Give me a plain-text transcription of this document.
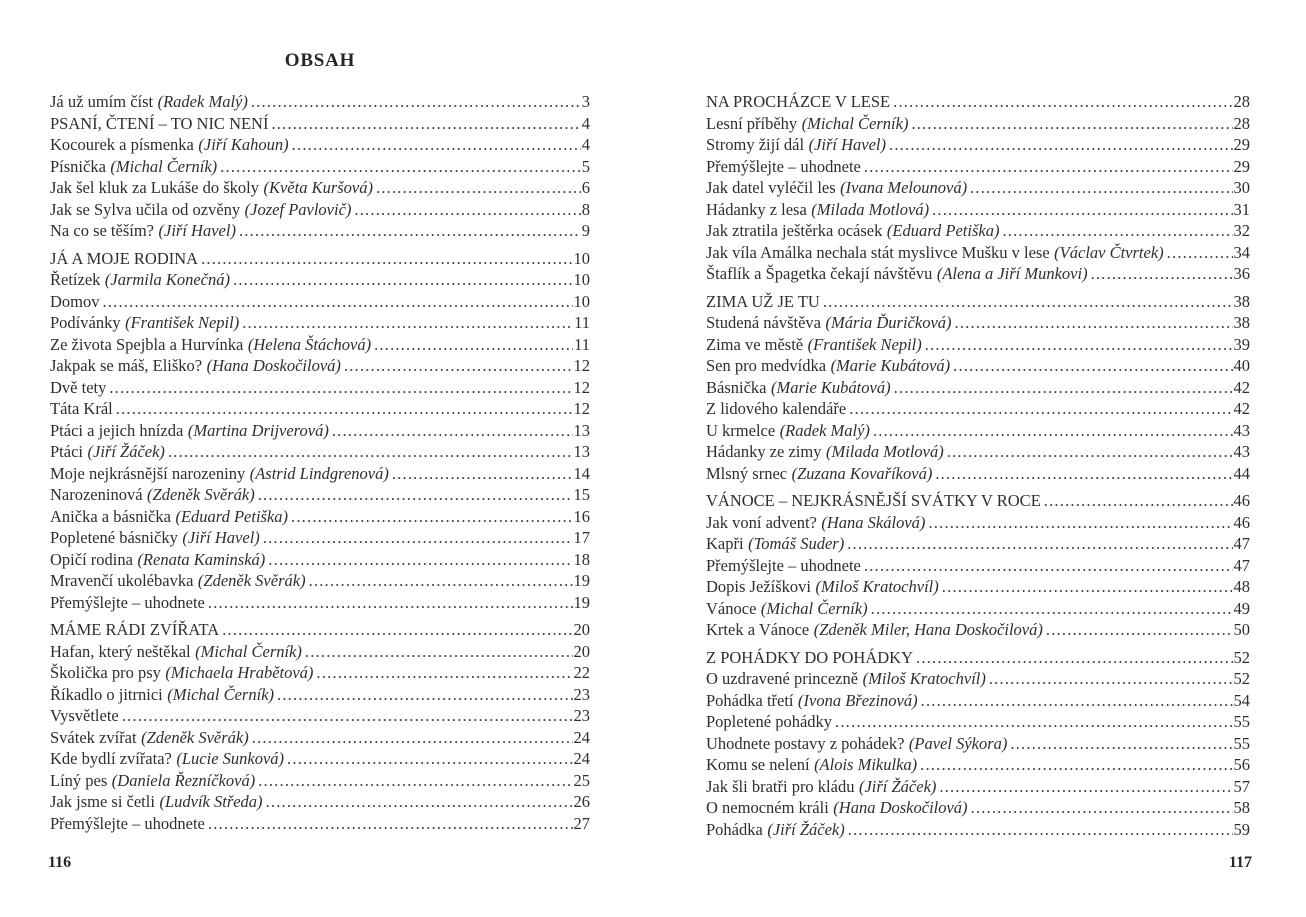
OBSAH
Já už umím číst (Radek Malý) .....	3
PSANÍ, ČTENÍ – TO NIC NENÍ .....	4
Kocourek a písmenka (Jiří Kahoun) .....	4
Písnička (Michal Černík) .....	5
Jak šel kluk za Lukáše do školy (Květa Kuršová) .....	6
Jak se Sylva učila od ozvěny (Jozef Pavlovič) .....	8
Na co se těším? (Jiří Havel) .....	9
JÁ A MOJE RODINA .....	10
Řetízek (Jarmila Konečná) .....	10
Domov .....	10
Podívánky (František Nepil) .....	11
Ze života Spejbla a Hurvínka (Helena Štáchová) .....	11
Jakpak se máš, Eliško? (Hana Doskočilová) .....	12
Dvě tety .....	12
Táta Král .....	12
Ptáci a jejich hnízda (Martina Drijverová) .....	13
Ptáci (Jiří Žáček) .....	13
Moje nejkrásnější narozeniny (Astrid Lindgrenová) .....	14
Narozeninová (Zdeněk Svěrák) .....	15
Anička a básnička (Eduard Petiška) .....	16
Popletené básničky (Jiří Havel) .....	17
Opičí rodina (Renata Kaminská) .....	18
Mravenčí ukolébavka (Zdeněk Svěrák) .....	19
Přemýšlejte – uhodnete .....	19
MÁME RÁDI ZVÍŘATA .....	20
Hafan, který neštěkal (Michal Černík) .....	20
Školička pro psy (Michaela Hrabětová) .....	22
Říkadlo o jitrnici (Michal Černík) .....	23
Vysvětlete .....	23
Svátek zvířat (Zdeněk Svěrák) .....	24
Kde bydlí zvířata? (Lucie Sunková) .....	24
Líný pes (Daniela Řezníčková) .....	25
Jak jsme si četli (Ludvík Středa) .....	26
Přemýšlejte – uhodnete .....	27
NA PROCHÁZCE V LESE .....	28
Lesní příběhy (Michal Černík) .....	28
Stromy žijí dál (Jiří Havel) .....	29
Přemýšlejte – uhodnete .....	29
Jak datel vyléčil les (Ivana Melounová) .....	30
Hádanky z lesa (Milada Motlová) .....	31
Jak ztratila ještěrka ocásek (Eduard Petiška) .....	32
Jak víla Amálka nechala stát myslivce Mušku v lese (Václav Čtvrtek) .....	34
Štaflík a Špagetka čekají návštěvu (Alena a Jiří Munkovi) .....	36
ZIMA UŽ JE TU .....	38
Studená návštěva (Mária Ďuričková) .....	38
Zima ve městě (František Nepil) .....	39
Sen pro medvídka (Marie Kubátová) .....	40
Básnička (Marie Kubátová) .....	42
Z lidového kalendáře .....	42
U krmelce (Radek Malý) .....	43
Hádanky ze zimy (Milada Motlová) .....	43
Mlsný srnec (Zuzana Kovaříková) .....	44
VÁNOCE – NEJKRÁSNĚJŠÍ SVÁTKY V ROCE .....	46
Jak voní advent? (Hana Skálová) .....	46
Kapři (Tomáš Suder) .....	47
Přemýšlejte – uhodnete .....	47
Dopis Ježíškovi (Miloš Kratochvíl) .....	48
Vánoce (Michal Černík) .....	49
Krtek a Vánoce (Zdeněk Miler, Hana Doskočilová) .....	50
Z POHÁDKY DO POHÁDKY .....	52
O uzdravené princezně (Miloš Kratochvíl) .....	52
Pohádka třetí (Ivona Březinová) .....	54
Popletené pohádky .....	55
Uhodnete postavy z pohádek? (Pavel Sýkora) .....	55
Komu se nelení (Alois Mikulka) .....	56
Jak šli bratři pro kládu (Jiří Žáček) .....	57
O nemocném králi (Hana Doskočilová) .....	58
Pohádka (Jiří Žáček) .....	59
116	117
